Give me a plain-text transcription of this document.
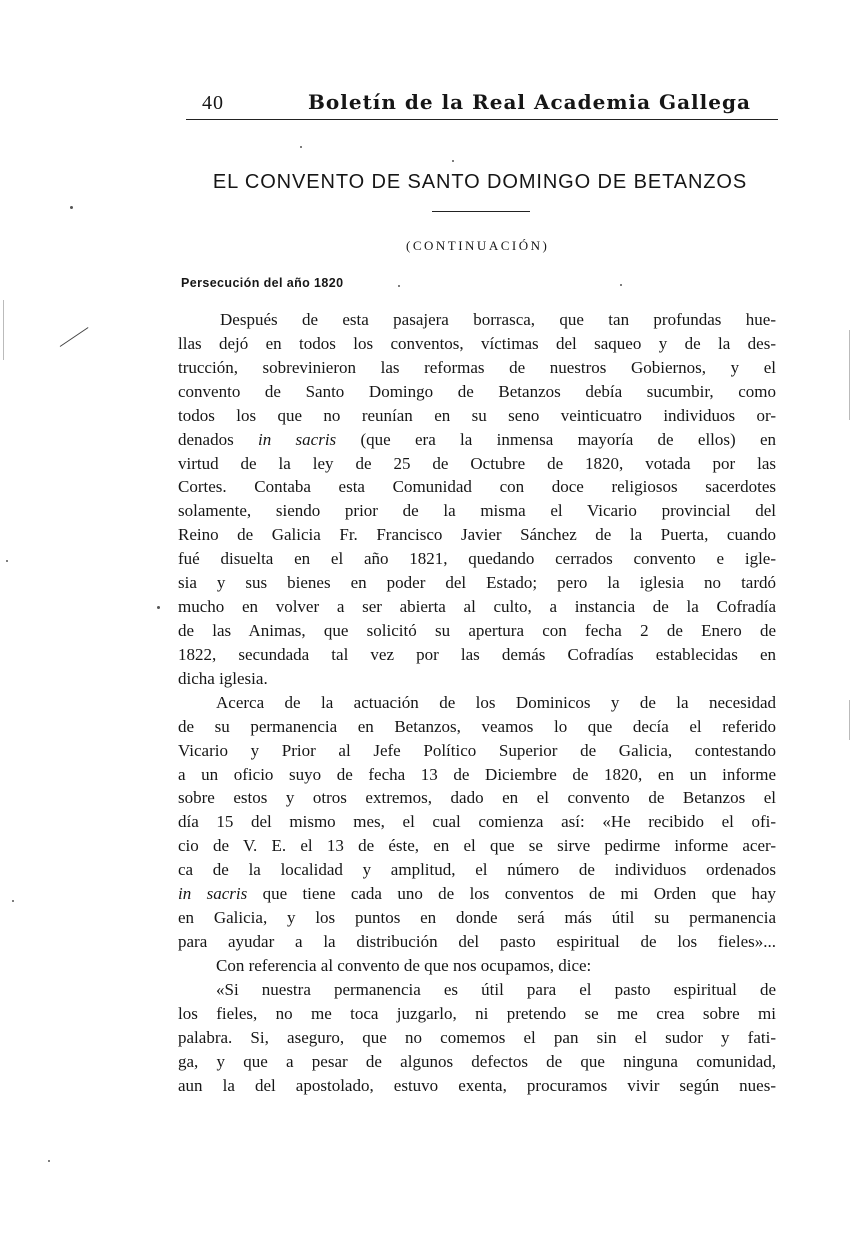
40	Boletín de la Real Academia Gallega
EL CONVENTO DE SANTO DOMINGO DE BETANZOS
(CONTINUACIÓN)
Persecución del año 1820
Después de esta pasajera borrasca, que tan profundas hue-
llas dejó en todos los conventos, víctimas del saqueo y de la des-
trucción, sobrevinieron las reformas de nuestros Gobiernos, y el
convento de Santo Domingo de Betanzos debía sucumbir, como
todos los que no reunían en su seno veinticuatro individuos or-
denados in sacris (que era la inmensa mayoría de ellos) en
virtud de la ley de 25 de Octubre de 1820, votada por las
Cortes. Contaba esta Comunidad con doce religiosos sacerdotes
solamente, siendo prior de la misma el Vicario provincial del
Reino de Galicia Fr. Francisco Javier Sánchez de la Puerta, cuando
fué disuelta en el año 1821, quedando cerrados convento e igle-
sia y sus bienes en poder del Estado; pero la iglesia no tardó
mucho en volver a ser abierta al culto, a instancia de la Cofradía
de las Animas, que solicitó su apertura con fecha 2 de Enero de
1822, secundada tal vez por las demás Cofradías establecidas en
dicha iglesia.
Acerca de la actuación de los Dominicos y de la necesidad
de su permanencia en Betanzos, veamos lo que decía el referido
Vicario y Prior al Jefe Político Superior de Galicia, contestando
a un oficio suyo de fecha 13 de Diciembre de 1820, en un informe
sobre estos y otros extremos, dado en el convento de Betanzos el
día 15 del mismo mes, el cual comienza así: «He recibido el ofi-
cio de V. E. el 13 de éste, en el que se sirve pedirme informe acer-
ca de la localidad y amplitud, el número de individuos ordenados
in sacris que tiene cada uno de los conventos de mi Orden que hay
en Galicia, y los puntos en donde será más útil su permanencia
para ayudar a la distribución del pasto espiritual de los fieles»...
Con referencia al convento de que nos ocupamos, dice:
«Si nuestra permanencia es útil para el pasto espiritual de
los fieles, no me toca juzgarlo, ni pretendo se me crea sobre mi
palabra. Si, aseguro, que no comemos el pan sin el sudor y fati-
ga, y que a pesar de algunos defectos de que ninguna comunidad,
aun la del apostolado, estuvo exenta, procuramos vivir según nues-
